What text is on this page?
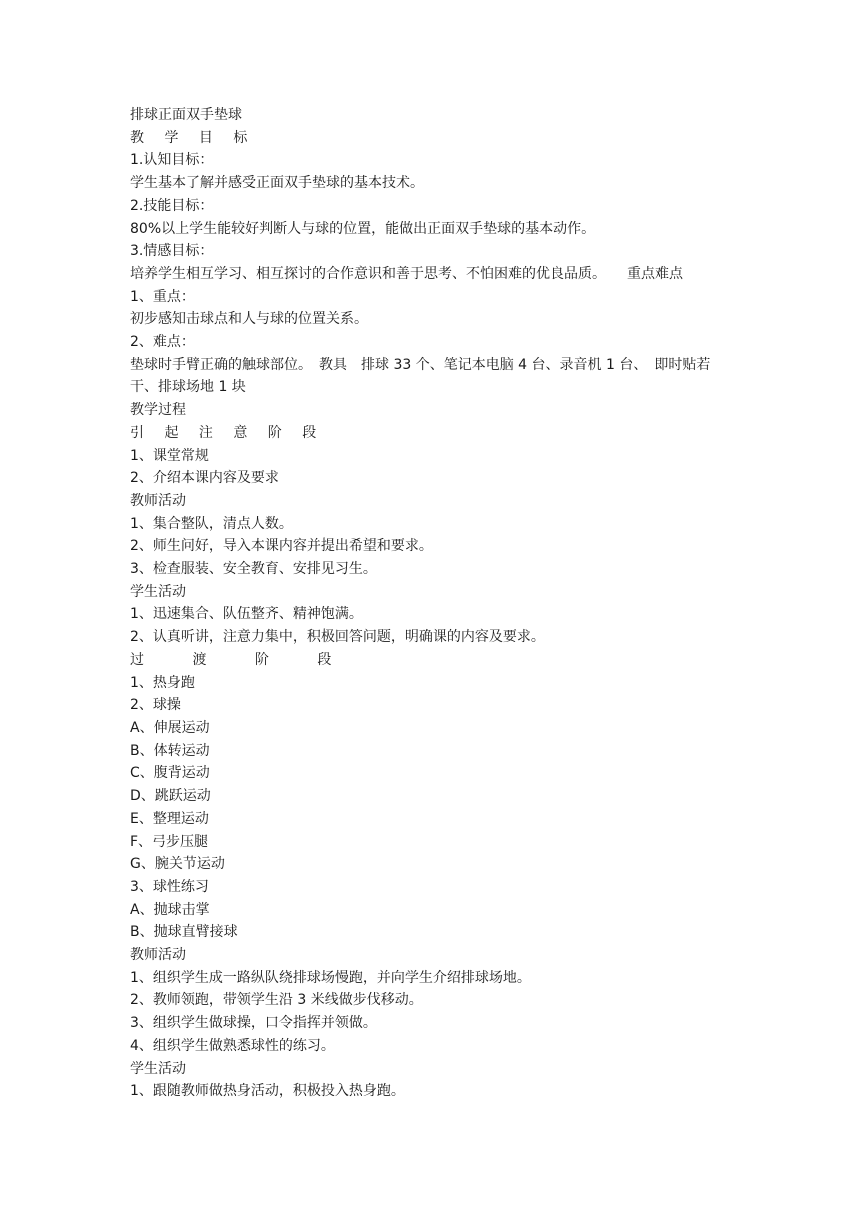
排球正面双手垫球

教 学 目 标

1.认知目标：

学生基本了解并感受正面双手垫球的基本技术。

2.技能目标：

80%以上学生能较好判断人与球的位置，能做出正面双手垫球的基本动作。

3.情感目标：

培养学生相互学习、相互探讨的合作意识和善于思考、不怕困难的优良品质。　　重点难点

1、重点：

初步感知击球点和人与球的位置关系。

2、难点：

垫球时手臂正确的触球部位。　教具　排球 33 个、笔记本电脑 4 台、录音机 1 台、　即时贴若干、排球场地 1 块

教学过程

引 起 注 意 阶 段

1、课堂常规

2、介绍本课内容及要求

教师活动

1、集合整队，清点人数。

2、师生问好，导入本课内容并提出希望和要求。

3、检查服装、安全教育、安排见习生。

学生活动

1、迅速集合、队伍整齐、精神饱满。

2、认真听讲，注意力集中，积极回答问题，明确课的内容及要求。

过 渡 阶 段

1、热身跑

2、球操

A、伸展运动

B、体转运动

C、腹背运动

D、跳跃运动

E、整理运动

F、弓步压腿

G、腕关节运动

3、球性练习

A、抛球击掌

B、抛球直臂接球

教师活动

1、组织学生成一路纵队绕排球场慢跑，并向学生介绍排球场地。

2、教师领跑，带领学生沿 3 米线做步伐移动。

3、组织学生做球操，口令指挥并领做。

4、组织学生做熟悉球性的练习。

学生活动

1、跟随教师做热身活动，积极投入热身跑。
